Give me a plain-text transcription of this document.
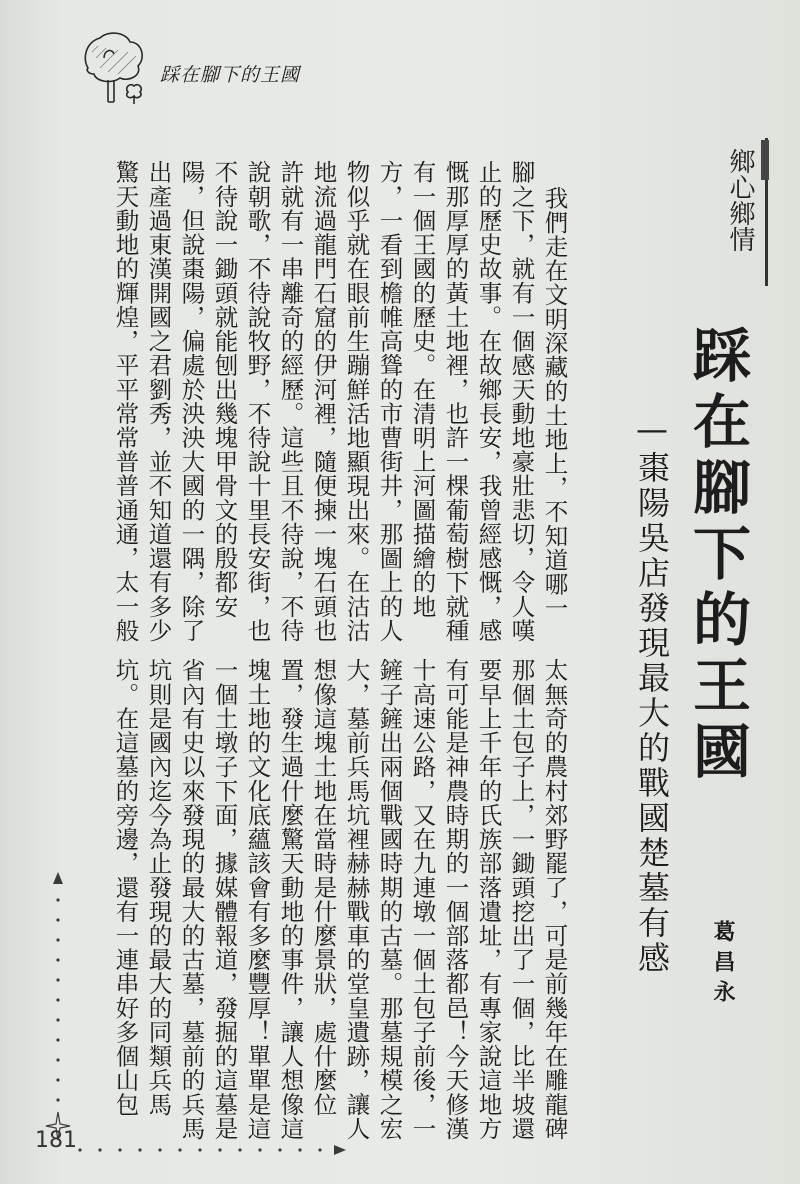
踩在腳下的王國
鄉心鄉情
踩在腳下的王國
—棗陽吳店發現最大的戰國楚墓有感 葛昌永
我們走在文明深藏的土地上，不知道哪一
腳之下，就有一個感天動地豪壯悲切，令人嘆
止的歷史故事。在故鄉長安，我曾經感慨，感
慨那厚厚的黃土地裡，也許一棵葡萄樹下就種
有一個王國的歷史。在清明上河圖描繪的地
方，一看到檐帷高聳的市曹街井，那圖上的人
物似乎就在眼前生蹦鮮活地顯現出來。在沽沽
地流過龍門石窟的伊河裡，隨便揀一塊石頭也
許就有一串離奇的經歷。這些且不待說，不待
說朝歌，不待說牧野，不待說十里長安街，也
不待說一鋤頭就能刨出幾塊甲骨文的殷都安
陽，但說棗陽，偏處於泱泱大國的一隅，除了
出產過東漢開國之君劉秀，並不知道還有多少
驚天動地的輝煌，平平常常普普通通，太一般
太無奇的農村郊野罷了，可是前幾年在雕龍碑
那個土包子上，一鋤頭挖出了一個，比半坡還
要早上千年的氏族部落遺址，有專家說這地方
有可能是神農時期的一個部落都邑！今天修漢
十高速公路，又在九連墩一個土包子前後，一
鏟子鏟出兩個戰國時期的古墓。那墓規模之宏
大，墓前兵馬坑裡赫赫戰車的堂皇遺跡，讓人
想像這塊土地在當時是什麼景狀，處什麼位
置，發生過什麼驚天動地的事件，讓人想像這
塊土地的文化底蘊該會有多麼豐厚！單單是這
一個土墩子下面，據媒體報道，發掘的這墓是
省內有史以來發現的最大的古墓，墓前的兵馬
坑則是國內迄今為止發現的最大的同類兵馬
坑。在這墓的旁邊，還有一連串好多個山包
181
